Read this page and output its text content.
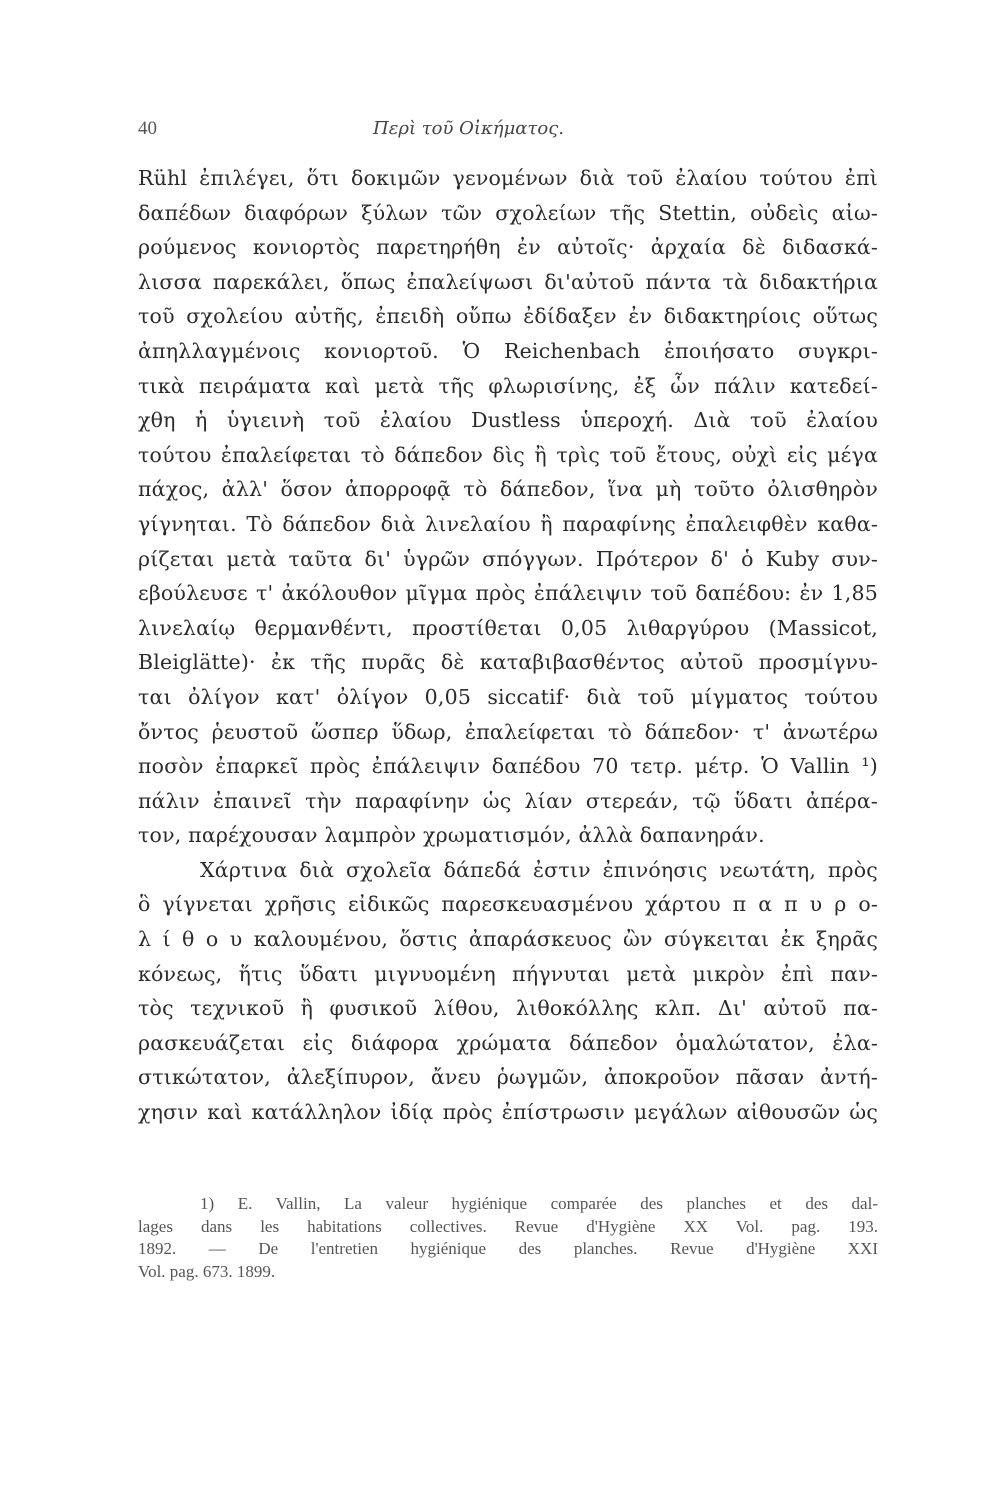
40	Περὶ τοῦ Οἰκήματος.
Rühl ἐπιλέγει, ὅτι δοκιμῶν γενομένων διὰ τοῦ ἐλαίου τούτου ἐπὶ
δαπέδων διαφόρων ξύλων τῶν σχολείων τῆς Stettin, οὐδεὶς αἰω-
ρούμενος κονιορτὸς παρετηρήθη ἐν αὐτοῖς· ἀρχαία δὲ διδασκά-
λισσα παρεκάλει, ὅπως ἐπαλείψωσι δι'αὐτοῦ πάντα τὰ διδακτήρια
τοῦ σχολείου αὐτῆς, ἐπειδὴ οὔπω ἐδίδαξεν ἐν διδακτηρίοις οὕτως
ἀπηλλαγμένοις κονιορτοῦ. Ὁ Reichenbach ἐποιήσατο συγκρι-
τικὰ πειράματα καὶ μετὰ τῆς φλωρισίνης, ἐξ ὧν πάλιν κατεδεί-
χθη ἡ ὑγιεινὴ τοῦ ἐλαίου Dustless ὑπεροχή. Διὰ τοῦ ἐλαίου
τούτου ἐπαλείφεται τὸ δάπεδον δὶς ἢ τρὶς τοῦ ἔτους, οὐχὶ εἰς μέγα
πάχος, ἀλλ' ὅσον ἀπορροφᾷ τὸ δάπεδον, ἵνα μὴ τοῦτο ὀλισθηρὸν
γίγνηται. Τὸ δάπεδον διὰ λινελαίου ἢ παραφίνης ἐπαλειφθὲν καθα-
ρίζεται μετὰ ταῦτα δι' ὑγρῶν σπόγγων. Πρότερον δ' ὁ Kuby συν-
εβούλευσε τ' ἀκόλουθον μῖγμα πρὸς ἐπάλειψιν τοῦ δαπέδου: ἐν 1,85
λινελαίῳ θερμανθέντι, προστίθεται 0,05 λιθαργύρου (Massicot,
Bleiglätte)· ἐκ τῆς πυρᾶς δὲ καταβιβασθέντος αὐτοῦ προσμίγνυ-
ται ὀλίγον κατ' ὀλίγον 0,05 siccatif· διὰ τοῦ μίγματος τούτου
ὄντος ῥευστοῦ ὥσπερ ὕδωρ, ἐπαλείφεται τὸ δάπεδον· τ' ἀνωτέρω
ποσὸν ἐπαρκεῖ πρὸς ἐπάλειψιν δαπέδου 70 τετρ. μέτρ. Ὁ Vallin ¹)
πάλιν ἐπαινεῖ τὴν παραφίνην ὡς λίαν στερεάν, τῷ ὕδατι ἀπέρα-
τον, παρέχουσαν λαμπρὸν χρωματισμόν, ἀλλὰ δαπανηράν.
Χάρτινα διὰ σχολεῖα δάπεδά ἐστιν ἐπινόησις νεωτάτη, πρὸς
ὃ γίγνεται χρῆσις εἰδικῶς παρεσκευασμένου χάρτου π α π υ ρ ο-
λ ί θ ο υ καλουμένου, ὅστις ἀπαράσκευος ὢν σύγκειται ἐκ ξηρᾶς
κόνεως, ἥτις ὕδατι μιγνυομένη πήγνυται μετὰ μικρὸν ἐπὶ παν-
τὸς τεχνικοῦ ἢ φυσικοῦ λίθου, λιθοκόλλης κλπ. Δι' αὐτοῦ πα-
ρασκευάζεται εἰς διάφορα χρώματα δάπεδον ὁμαλώτατον, ἐλα-
στικώτατον, ἀλεξίπυρον, ἄνευ ῥωγμῶν, ἀποκροῦον πᾶσαν ἀντή-
χησιν καὶ κατάλληλον ἰδίᾳ πρὸς ἐπίστρωσιν μεγάλων αἰθουσῶν ὡς
1) E. Vallin, La valeur hygiénique comparée des planches et des dal-
lages dans les habitations collectives. Revue d'Hygiène XX Vol. pag. 193.
1892. — De l'entretien hygiénique des planches. Revue d'Hygiène XXI
Vol. pag. 673. 1899.
